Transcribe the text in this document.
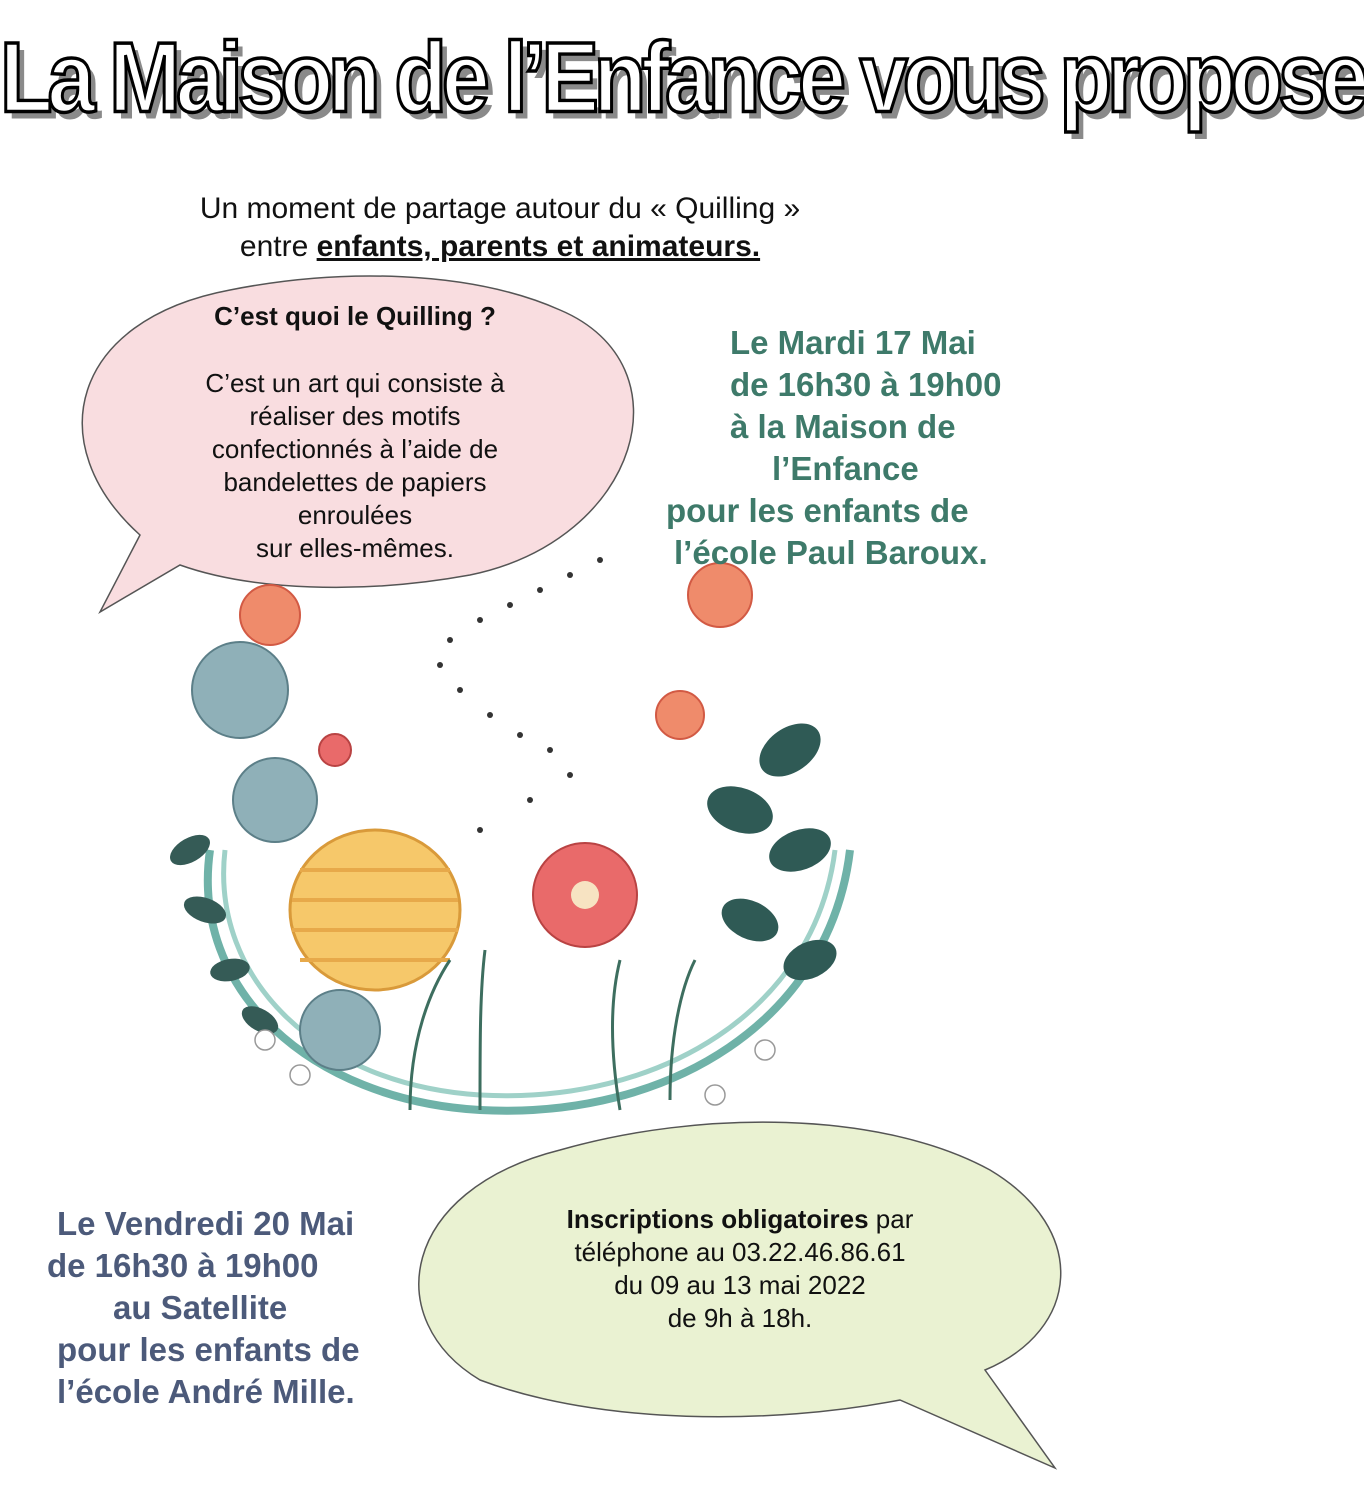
La Maison de l’Enfance vous propose
Un moment de partage autour du « Quilling »
entre enfants, parents et animateurs.
C’est quoi le Quilling ?
C’est un art qui consiste à
réaliser des motifs
confectionnés à l’aide de
bandelettes de papiers
enroulées
sur elles-mêmes.
Le Mardi 17 Mai
de 16h30 à 19h00
à la Maison de
l’Enfance
pour les enfants de
l’école Paul Baroux.
Le Vendredi 20 Mai
de 16h30 à 19h00
au Satellite
pour les enfants de
l’école André Mille.
Inscriptions obligatoires par
téléphone au 03.22.46.86.61
du 09 au 13 mai 2022
de 9h à 18h.
